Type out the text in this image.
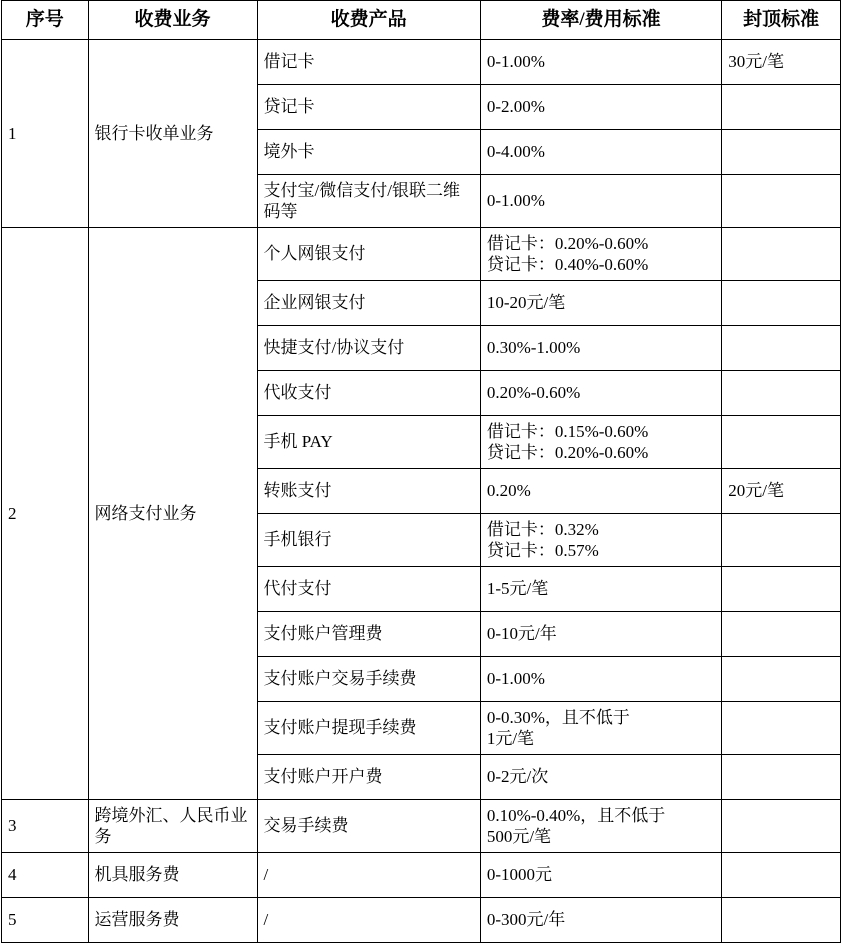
序号	收费业务	收费产品	费率/费用标准	封顶标准
1	银行卡收单业务	借记卡	0-1.00%	30元/笔
		贷记卡	0-2.00%	
		境外卡	0-4.00%	
		支付宝/微信支付/银联二维码等	0-1.00%	
2	网络支付业务	个人网银支付	借记卡：0.20%-0.60%
贷记卡：0.40%-0.60%	
		企业网银支付	10-20元/笔	
		快捷支付/协议支付	0.30%-1.00%	
		代收支付	0.20%-0.60%	
		手机 PAY	借记卡：0.15%-0.60%
贷记卡：0.20%-0.60%	
		转账支付	0.20%	20元/笔
		手机银行	借记卡：0.32%
贷记卡：0.57%	
		代付支付	1-5元/笔	
		支付账户管理费	0-10元/年	
		支付账户交易手续费	0-1.00%	
		支付账户提现手续费	0-0.30%，且不低于
1元/笔	
		支付账户开户费	0-2元/次	
3	跨境外汇、人民币业务	交易手续费	0.10%-0.40%，且不低于
500元/笔	
4	机具服务费	/	0-1000元	
5	运营服务费	/	0-300元/年	
